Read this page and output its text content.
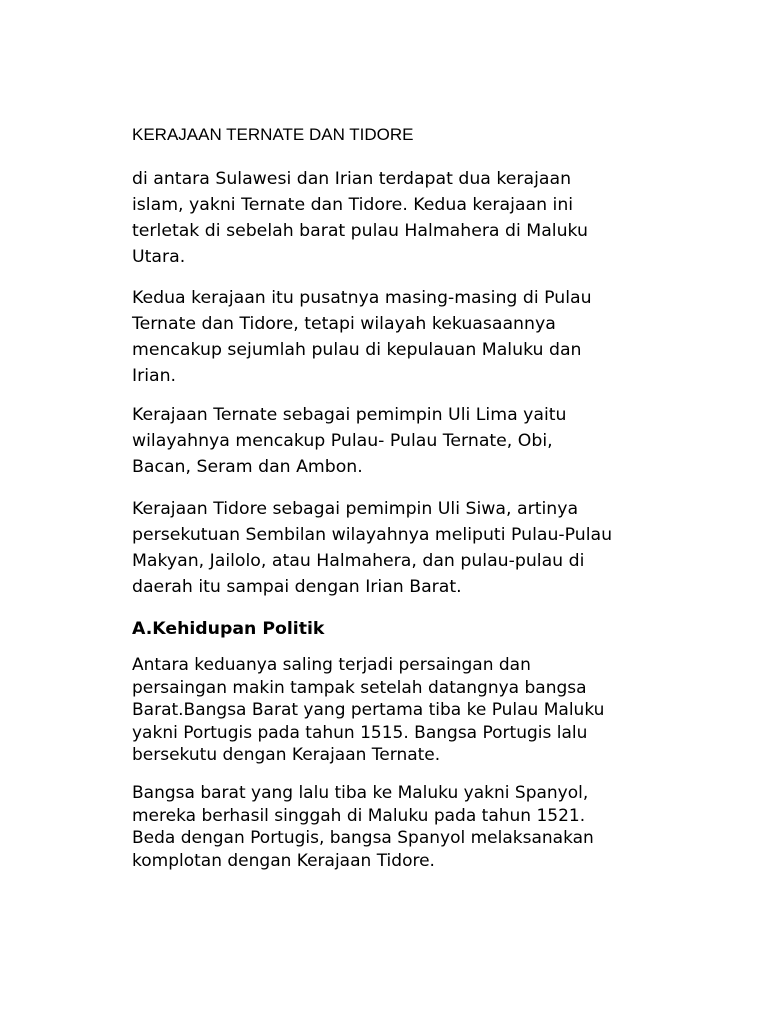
KERAJAAN TERNATE DAN TIDORE

di antara Sulawesi dan Irian terdapat dua kerajaan
islam, yakni Ternate dan Tidore. Kedua kerajaan ini
terletak di sebelah barat pulau Halmahera di Maluku
Utara.

Kedua kerajaan itu pusatnya masing-masing di Pulau
Ternate dan Tidore, tetapi wilayah kekuasaannya
mencakup sejumlah pulau di kepulauan Maluku dan
Irian.

Kerajaan Ternate sebagai pemimpin Uli Lima yaitu
wilayahnya mencakup Pulau- Pulau Ternate, Obi,
Bacan, Seram dan Ambon.

Kerajaan Tidore sebagai pemimpin Uli Siwa, artinya
persekutuan Sembilan wilayahnya meliputi Pulau-Pulau
Makyan, Jailolo, atau Halmahera, dan pulau-pulau di
daerah itu sampai dengan Irian Barat.

A.Kehidupan Politik

Antara keduanya saling terjadi persaingan dan
persaingan makin tampak setelah datangnya bangsa
Barat.Bangsa Barat yang pertama tiba ke Pulau Maluku
yakni Portugis pada tahun 1515. Bangsa Portugis lalu
bersekutu dengan Kerajaan Ternate.

Bangsa barat yang lalu tiba ke Maluku yakni Spanyol,
mereka berhasil singgah di Maluku pada tahun 1521.
Beda dengan Portugis, bangsa Spanyol melaksanakan
komplotan dengan Kerajaan Tidore.
